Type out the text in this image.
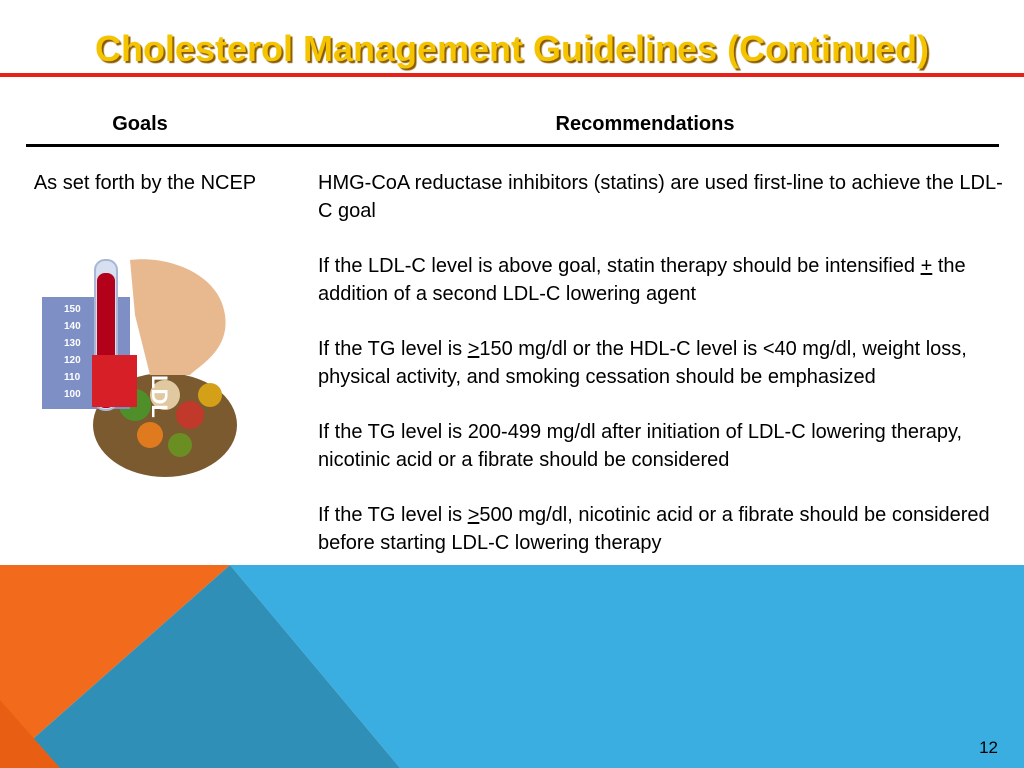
Cholesterol Management Guidelines (Continued)
Goals	Recommendations
As set forth by the NCEP	HMG-CoA reductase inhibitors (statins) are used first-line to achieve the LDL-C goal

If the LDL-C level is above goal, statin therapy should be intensified + the addition of a second LDL-C lowering agent

If the TG level is >150 mg/dl or the HDL-C level is <40 mg/dl, weight loss, physical activity, and smoking cessation should be emphasized

If the TG level is 200-499 mg/dl after initiation of LDL-C lowering therapy, nicotinic acid or a fibrate should be considered

If the TG level is >500 mg/dl, nicotinic acid or a fibrate should be considered before starting LDL-C lowering therapy

150
140
130
120
110
100	LDL
12
